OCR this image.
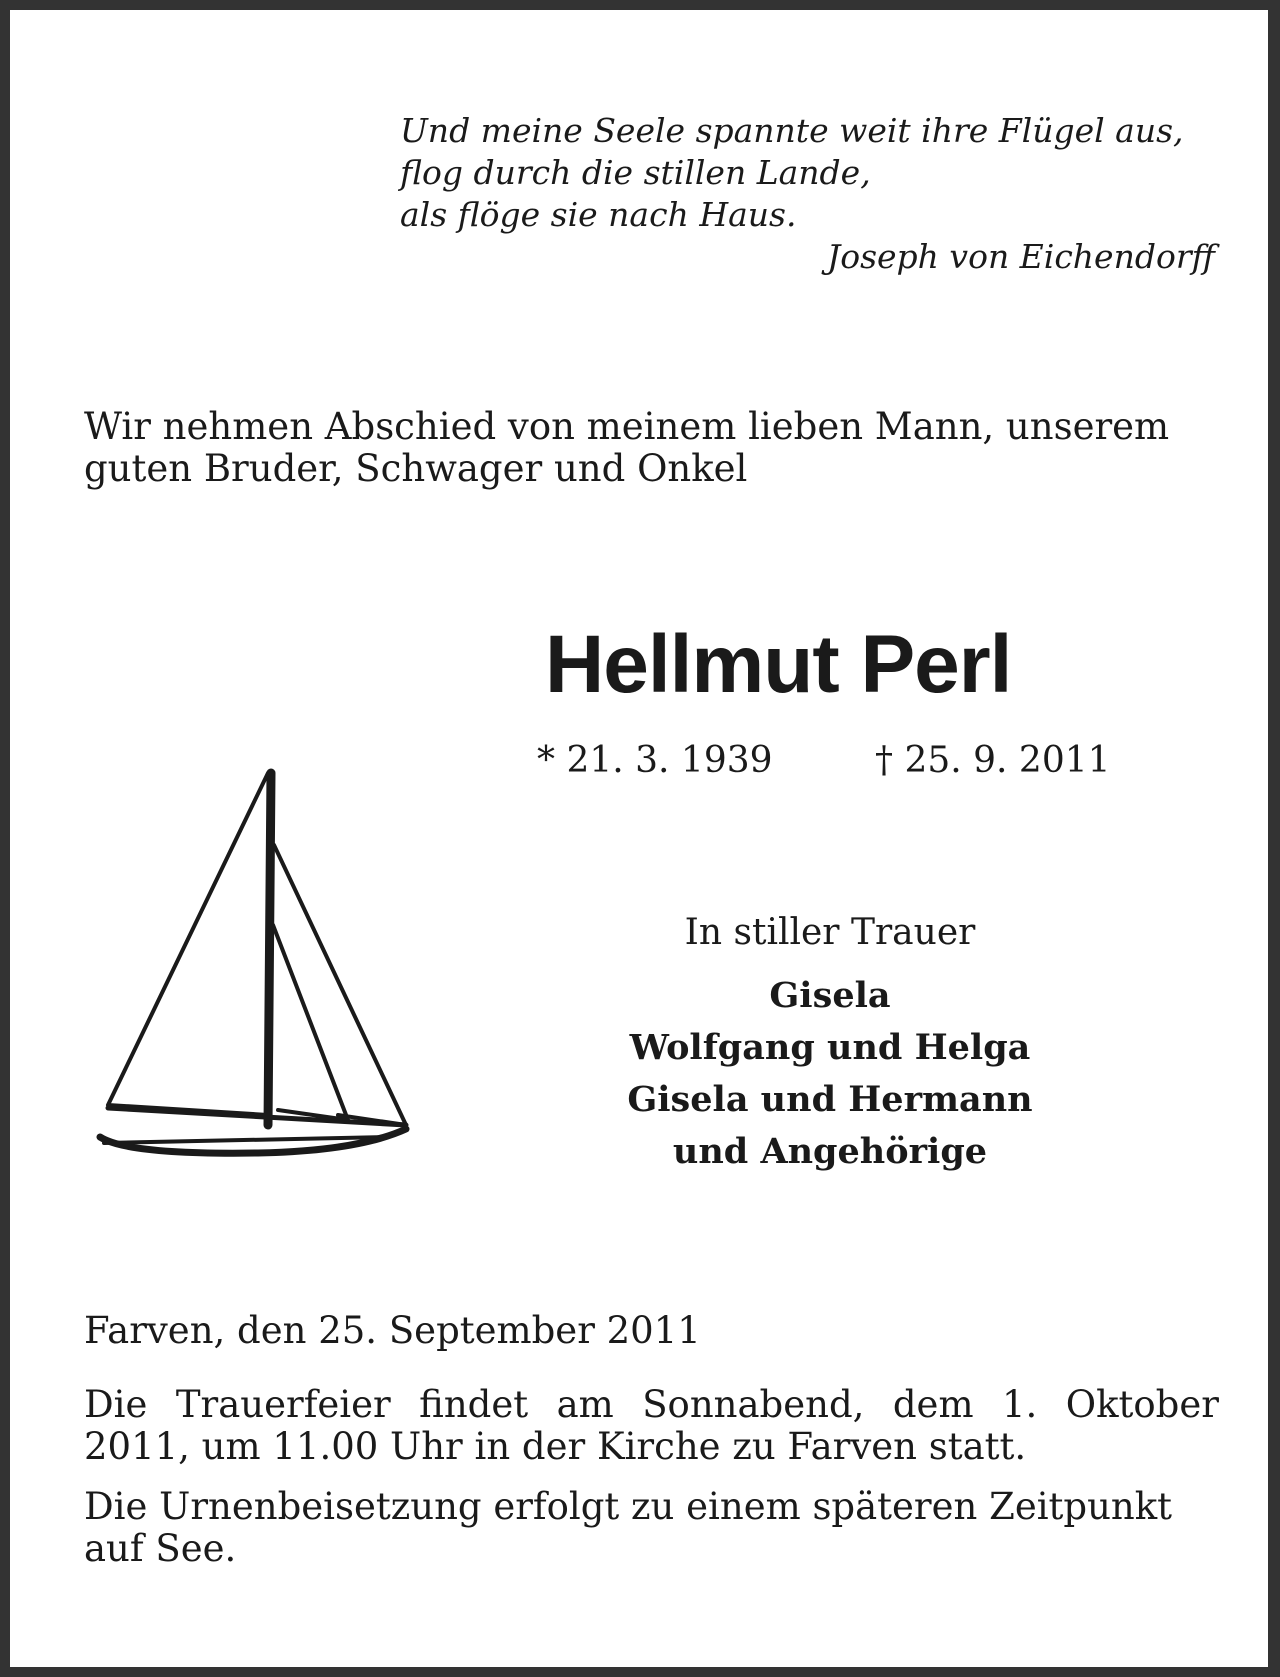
Und meine Seele spannte weit ihre Flügel aus,
flog durch die stillen Lande,
als flöge sie nach Haus.
Joseph von Eichendorff
Wir nehmen Abschied von meinem lieben Mann, unserem
guten Bruder, Schwager und Onkel
Hellmut Perl
* 21. 3. 1939	† 25. 9. 2011
In stiller Trauer
Gisela
Wolfgang und Helga
Gisela und Hermann
und Angehörige
Farven, den 25. September 2011
Die Trauerfeier findet am Sonnabend, dem 1. Oktober
2011, um 11.00 Uhr in der Kirche zu Farven statt.
Die Urnenbeisetzung erfolgt zu einem späteren Zeitpunkt
auf See.
